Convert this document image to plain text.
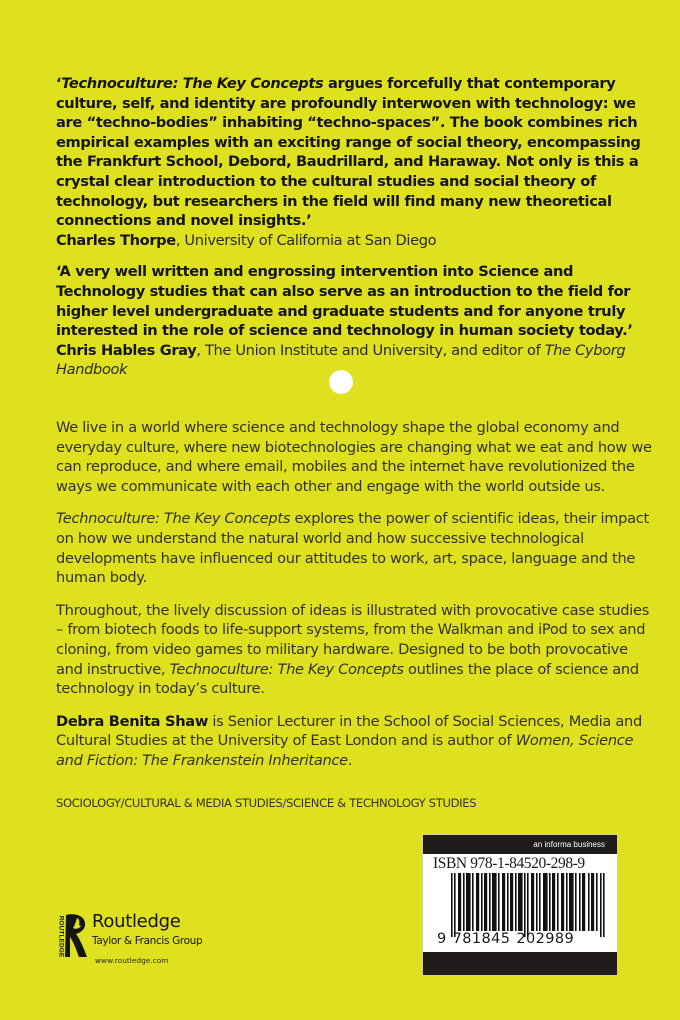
‘Technoculture: The Key Concepts argues forcefully that contemporary culture, self, and identity are profoundly interwoven with technology: we are “techno-bodies” inhabiting “techno-spaces”. The book combines rich empirical examples with an exciting range of social theory, encompassing the Frankfurt School, Debord, Baudrillard, and Haraway. Not only is this a crystal clear introduction to the cultural studies and social theory of technology, but researchers in the field will find many new theoretical connections and novel insights.’
Charles Thorpe, University of California at San Diego
‘A very well written and engrossing intervention into Science and Technology studies that can also serve as an introduction to the field for higher level undergraduate and graduate students and for anyone truly interested in the role of science and technology in human society today.’
Chris Hables Gray, The Union Institute and University, and editor of The Cyborg Handbook

We live in a world where science and technology shape the global economy and everyday culture, where new biotechnologies are changing what we eat and how we can reproduce, and where email, mobiles and the internet have revolutionized the ways we communicate with each other and engage with the world outside us.

Technoculture: The Key Concepts explores the power of scientific ideas, their impact on how we understand the natural world and how successive technological developments have influenced our attitudes to work, art, space, language and the human body.

Throughout, the lively discussion of ideas is illustrated with provocative case studies – from biotech foods to life-support systems, from the Walkman and iPod to sex and cloning, from video games to military hardware. Designed to be both provocative and instructive, Technoculture: The Key Concepts outlines the place of science and technology in today’s culture.

Debra Benita Shaw is Senior Lecturer in the School of Social Sciences, Media and Cultural Studies at the University of East London and is author of Women, Science and Fiction: The Frankenstein Inheritance.

SOCIOLOGY/CULTURAL & MEDIA STUDIES/SCIENCE & TECHNOLOGY STUDIES
an informa business
ISBN 978-1-84520-298-9
9 781845 202989
ROUTLEDGE Routledge
Taylor & Francis Group
www.routledge.com
